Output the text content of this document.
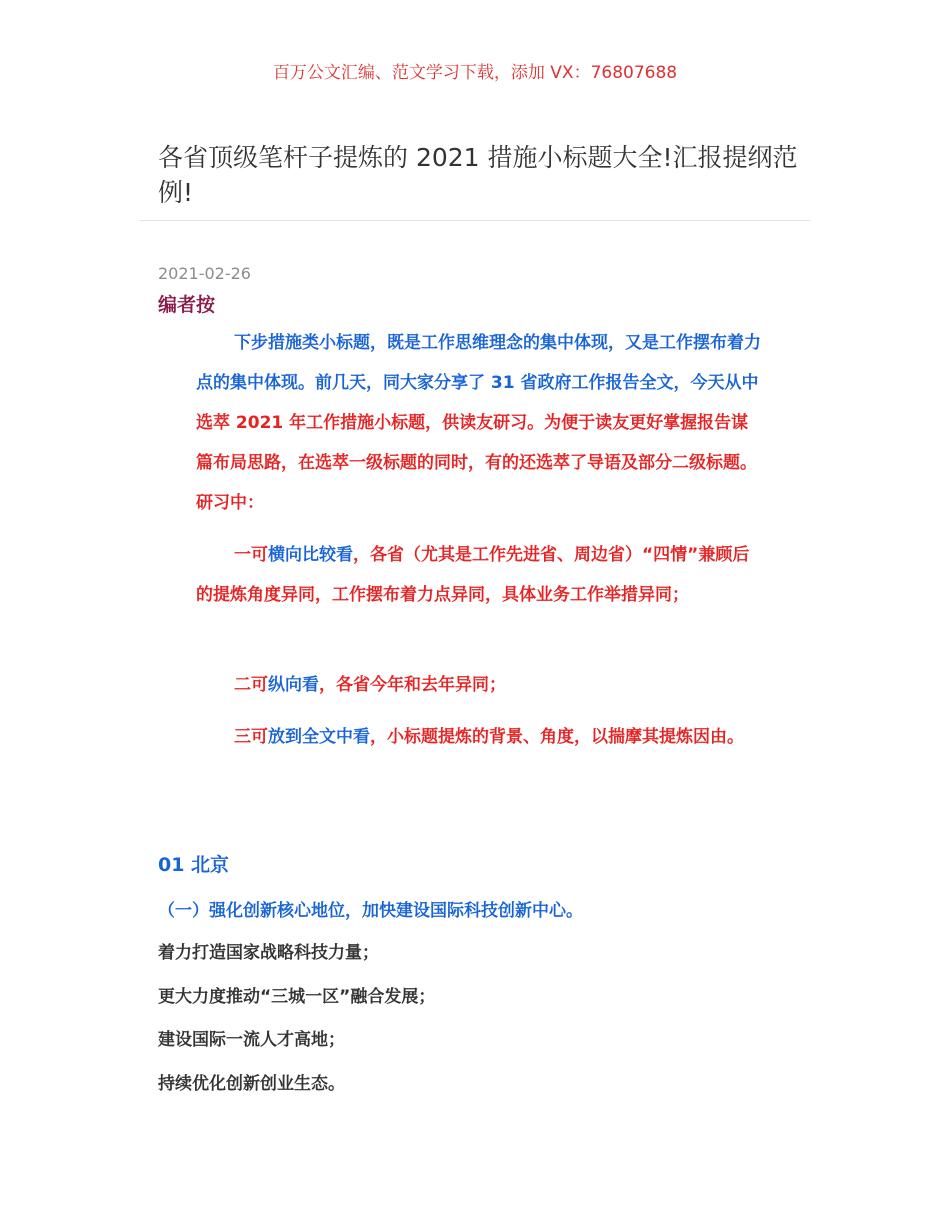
百万公文汇编、范文学习下载，添加 VX：76807688
各省顶级笔杆子提炼的 2021 措施小标题大全!汇报提纲范例!
2021-02-26
编者按

下步措施类小标题，既是工作思维理念的集中体现，又是工作摆布着力点的集中体现。前几天，同大家分享了 31 省政府工作报告全文，今天从中选萃 2021 年工作措施小标题，供读友研习。为便于读友更好掌握报告谋篇布局思路，在选萃一级标题的同时，有的还选萃了导语及部分二级标题。研习中：

一可横向比较看，各省（尤其是工作先进省、周边省）“四情”兼顾后的提炼角度异同，工作摆布着力点异同，具体业务工作举措异同；

二可纵向看，各省今年和去年异同；

三可放到全文中看，小标题提炼的背景、角度，以揣摩其提炼因由。

01 北京
（一）强化创新核心地位，加快建设国际科技创新中心。
着力打造国家战略科技力量；
更大力度推动“三城一区”融合发展；
建设国际一流人才高地；
持续优化创新创业生态。
